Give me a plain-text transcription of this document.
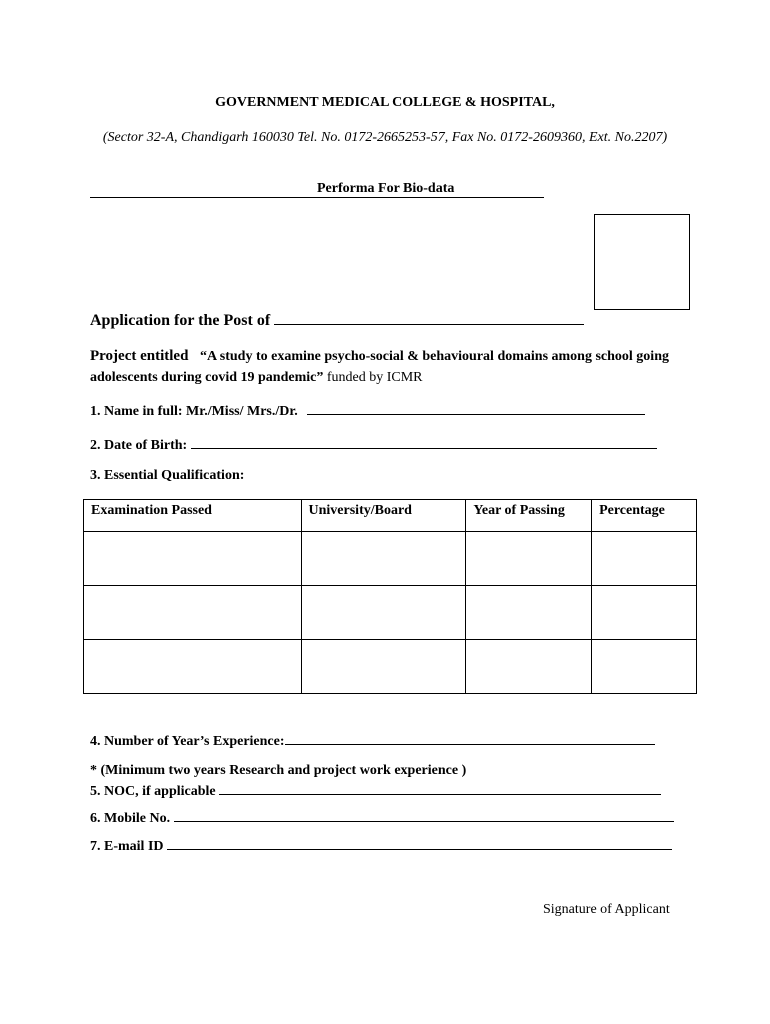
GOVERNMENT MEDICAL COLLEGE & HOSPITAL,
(Sector 32-A, Chandigarh 160030 Tel. No. 0172-2665253-57, Fax No. 0172-2609360, Ext. No.2207)
Performa For Bio-data
Application for the Post of
Project entitled “A study to examine psycho-social & behavioural domains among school going adolescents during covid 19 pandemic” funded by ICMR
1. Name in full: Mr./Miss/ Mrs./Dr.
2. Date of Birth:
3. Essential Qualification:
Examination Passed	University/Board	Year of Passing	Percentage

4. Number of Year’s Experience:
* (Minimum two years Research and project work experience )
5. NOC, if applicable
6. Mobile No.
7. E-mail ID
Signature of Applicant
